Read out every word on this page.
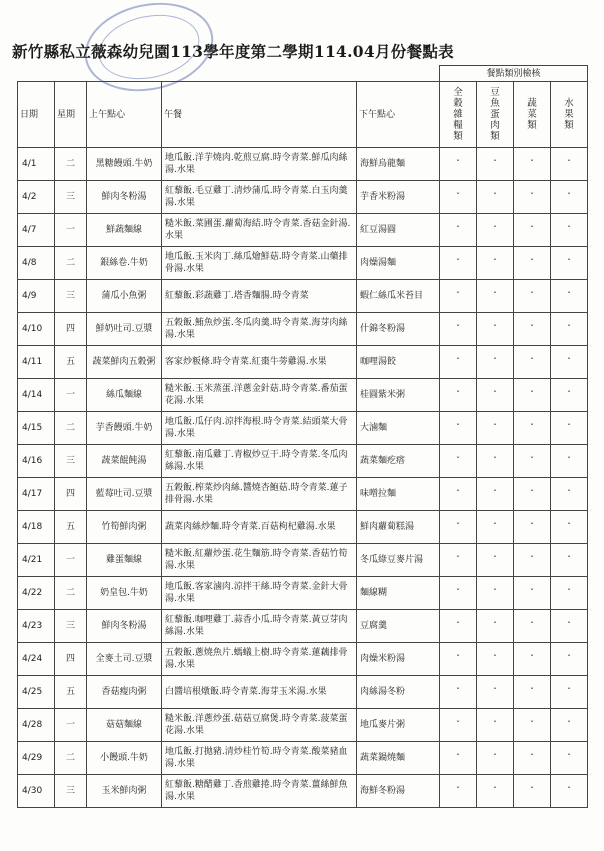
新竹縣私立薇森幼兒園113學年度第二學期114.04月份餐點表
					餐點類別檢核			
日期	星期	上午點心	午餐	下午點心	全穀雜糧類	豆魚蛋肉類	蔬菜類	水果類
4/1	二	黑糖饅頭.牛奶	地瓜飯.洋芋燒肉.乾煎豆腐.時令青菜.鮮瓜肉絲湯.水果	海鮮烏龍麵	ˇ	ˇ	ˇ	ˇ
4/2	三	鮮肉冬粉湯	紅藜飯.毛豆雞丁.清炒蒲瓜.時令青菜.白玉肉羹湯.水果	芋香米粉湯	ˇ	ˇ	ˇ	ˇ
4/7	一	鮮蔬麵線	糙米飯.菜圃蛋.蘿蔔海結.時令青菜.香菇金針湯.水果	紅豆湯圓	ˇ	ˇ	ˇ	ˇ
4/8	二	銀絲卷.牛奶	地瓜飯.玉米肉丁.絲瓜燴鮮菇.時令青菜.山藥排骨湯.水果	肉燥湯麵	ˇ	ˇ	ˇ	ˇ
4/9	三	蒲瓜小魚粥	紅藜飯.彩蔬雞丁.塔香麵腸.時令青菜	蝦仁絲瓜米苔目	ˇ	ˇ	ˇ	ˇ
4/10	四	鮮奶吐司.豆漿	五穀飯.鮪魚炒蛋.冬瓜肉羹.時令青菜.海芽肉絲湯.水果	什錦冬粉湯	ˇ	ˇ	ˇ	ˇ
4/11	五	蔬菜鮮肉五穀粥	客家炒粄條.時令青菜.紅棗牛蒡雞湯.水果	咖哩湯餃	ˇ	ˇ	ˇ	ˇ
4/14	一	絲瓜麵線	糙米飯.玉米蒸蛋.洋蔥金針菇.時令青菜.番茄蛋花湯.水果	桂圓紫米粥	ˇ	ˇ	ˇ	ˇ
4/15	二	芋香饅頭.牛奶	地瓜飯.瓜仔肉.涼拌海根.時令青菜.結頭菜大骨湯.水果	大滷麵	ˇ	ˇ	ˇ	ˇ
4/16	三	蔬菜餛飩湯	紅藜飯.南瓜雞丁.青椒炒豆干.時令青菜.冬瓜肉絲湯.水果	蔬菜麵疙瘩	ˇ	ˇ	ˇ	ˇ
4/17	四	藍莓吐司.豆漿	五穀飯.榨菜炒肉絲.醬燒杏鮑菇.時令青菜.蓮子排骨湯.水果	味噌拉麵	ˇ	ˇ	ˇ	ˇ
4/18	五	竹筍鮮肉粥	蔬菜肉絲炒麵.時令青菜.百菇枸杞雞湯.水果	鮮肉蘿蔔糕湯	ˇ	ˇ	ˇ	ˇ
4/21	一	雞蛋麵線	糙米飯.紅蘿炒蛋.花生麵筋.時令青菜.香菇竹筍湯.水果	冬瓜綠豆麥片湯	ˇ	ˇ	ˇ	ˇ
4/22	二	奶皇包.牛奶	地瓜飯.客家滷肉.涼拌干絲.時令青菜.金針大骨湯.水果	麵線糊	ˇ	ˇ	ˇ	ˇ
4/23	三	鮮肉冬粉湯	紅藜飯.咖哩雞丁.蒜香小瓜.時令青菜.黃豆芽肉絲湯.水果	豆腐羹	ˇ	ˇ	ˇ	ˇ
4/24	四	全麥土司.豆漿	五穀飯.蔥燒魚片.螞蟻上樹.時令青菜.蓮藕排骨湯.水果	肉燥米粉湯	ˇ	ˇ	ˇ	ˇ
4/25	五	香菇瘦肉粥	白醬培根燉飯.時令青菜.海芽玉米湯.水果	肉絲湯冬粉	ˇ	ˇ	ˇ	ˇ
4/28	一	菇菇麵線	糙米飯.洋蔥炒蛋.菇菇豆腐煲.時令青菜.菠菜蛋花湯.水果	地瓜麥片粥	ˇ	ˇ	ˇ	ˇ
4/29	二	小饅頭.牛奶	地瓜飯.打拋豬.清炒桂竹筍.時令青菜.酸菜豬血湯.水果	蔬菜鍋燒麵	ˇ	ˇ	ˇ	ˇ
4/30	三	玉米鮮肉粥	紅藜飯.糖醋雞丁.香煎雞捲.時令青菜.薑絲鮮魚湯.水果	海鮮冬粉湯	ˇ	ˇ	ˇ	ˇ
